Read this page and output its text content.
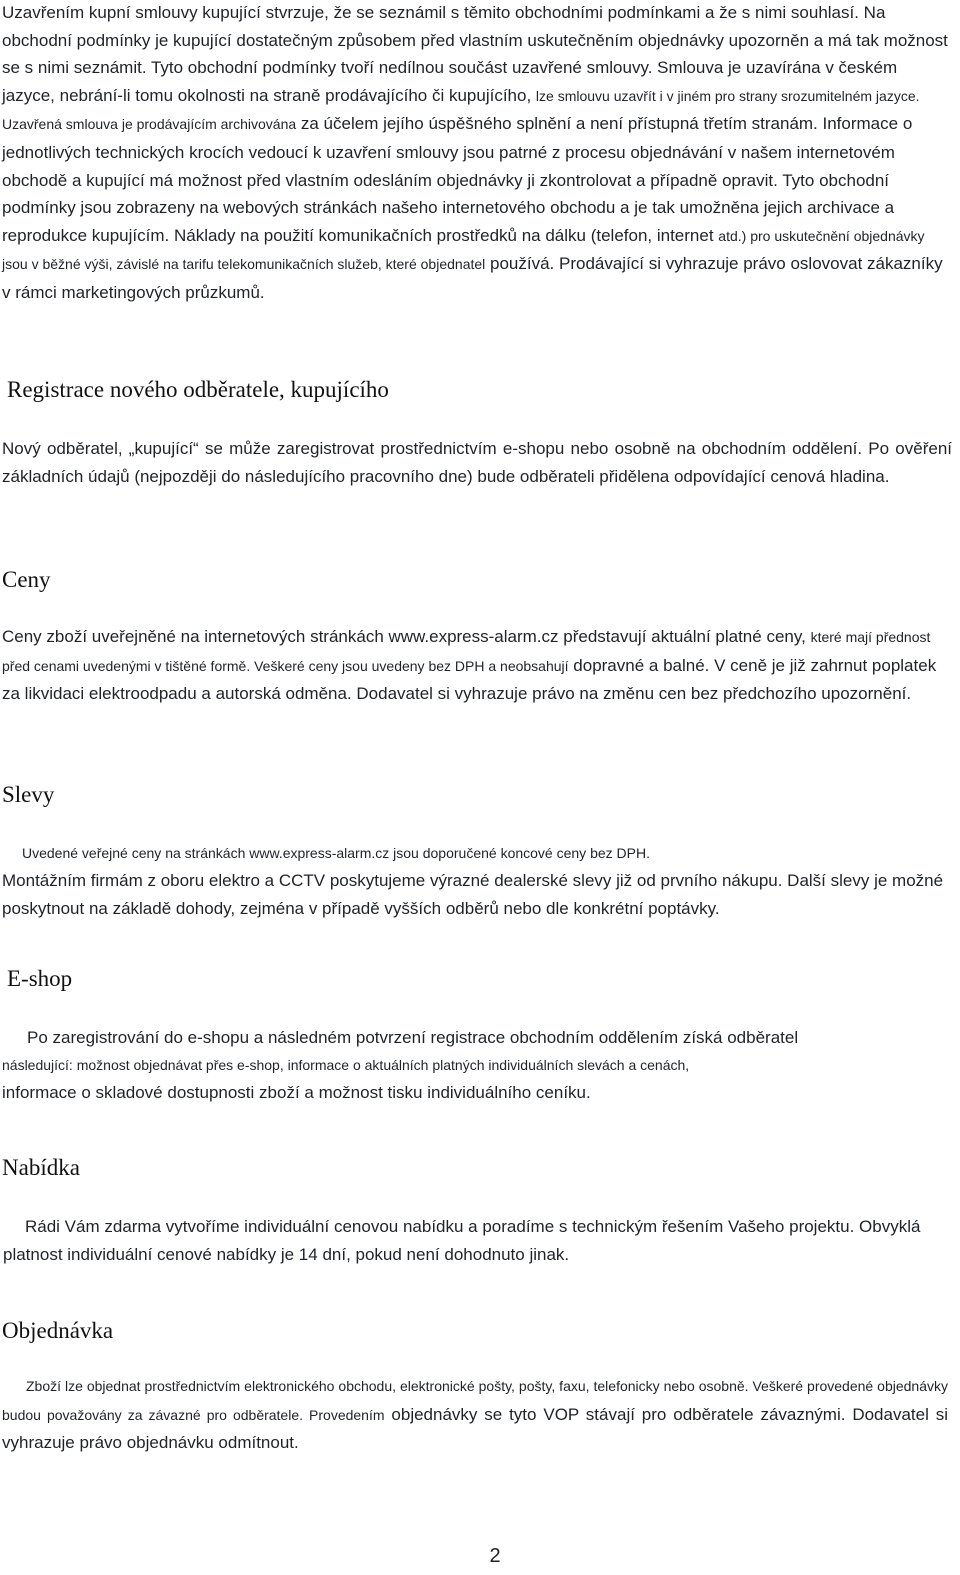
Uzavřením kupní smlouvy kupující stvrzuje, že se seznámil s těmito obchodními podmínkami a že s nimi souhlasí. Na obchodní podmínky je kupující dostatečným způsobem před vlastním uskutečněním objednávky upozorněn a má tak možnost se s nimi seznámit. Tyto obchodní podmínky tvoří nedílnou součást uzavřené smlouvy. Smlouva je uzavírána v českém jazyce, nebrání-li tomu okolnosti na straně prodávajícího či kupujícího, lze smlouvu uzavřít i v jiném pro strany srozumitelném jazyce. Uzavřená smlouva je prodávajícím archivována za účelem jejího úspěšného splnění a není přístupná třetím stranám. Informace o jednotlivých technických krocích vedoucí k uzavření smlouvy jsou patrné z procesu objednávání v našem internetovém obchodě a kupující má možnost před vlastním odesláním objednávky ji zkontrolovat a případně opravit. Tyto obchodní podmínky jsou zobrazeny na webových stránkách našeho internetového obchodu a je tak umožněna jejich archivace a reprodukce kupujícím. Náklady na použití komunikačních prostředků na dálku (telefon, internet atd.) pro uskutečnění objednávky jsou v běžné výši, závislé na tarifu telekomunikačních služeb, které objednatel používá. Prodávající si vyhrazuje právo oslovovat zákazníky v rámci marketingových průzkumů.

Registrace nového odběratele, kupujícího

Nový odběratel, „kupující“ se může zaregistrovat prostřednictvím e-shopu nebo osobně na obchodním oddělení. Po ověření základních údajů (nejpozději do následujícího pracovního dne) bude odběrateli přidělena odpovídající cenová hladina.

Ceny

Ceny zboží uveřejněné na internetových stránkách www.express-alarm.cz představují aktuální platné ceny, které mají přednost před cenami uvedenými v tištěné formě. Veškeré ceny jsou uvedeny bez DPH a neobsahují dopravné a balné. V ceně je již zahrnut poplatek za likvidaci elektroodpadu a autorská odměna. Dodavatel si vyhrazuje právo na změnu cen bez předchozího upozornění.

Slevy

Uvedené veřejné ceny na stránkách www.express-alarm.cz jsou doporučené koncové ceny bez DPH.

Montážním firmám z oboru elektro a CCTV poskytujeme výrazné dealerské slevy již od prvního nákupu. Další slevy je možné poskytnout na základě dohody, zejména v případě vyšších odběrů nebo dle konkrétní poptávky.

E-shop

Po zaregistrování do e-shopu a následném potvrzení registrace obchodním oddělením získá odběratel

následující: možnost objednávat přes e-shop, informace o aktuálních platných individuálních slevách a cenách,

informace o skladové dostupnosti zboží a možnost tisku individuálního ceníku.

Nabídka

Rádi Vám zdarma vytvoříme individuální cenovou nabídku a poradíme s technickým řešením Vašeho projektu. Obvyklá platnost individuální cenové nabídky je 14 dní, pokud není dohodnuto jinak.

Objednávka

Zboží lze objednat prostřednictvím elektronického obchodu, elektronické pošty, pošty, faxu, telefonicky nebo osobně. Veškeré provedené objednávky budou považovány za závazné pro odběratele. Provedením objednávky se tyto VOP stávají pro odběratele závaznými. Dodavatel si vyhrazuje právo objednávku odmítnout.

2
